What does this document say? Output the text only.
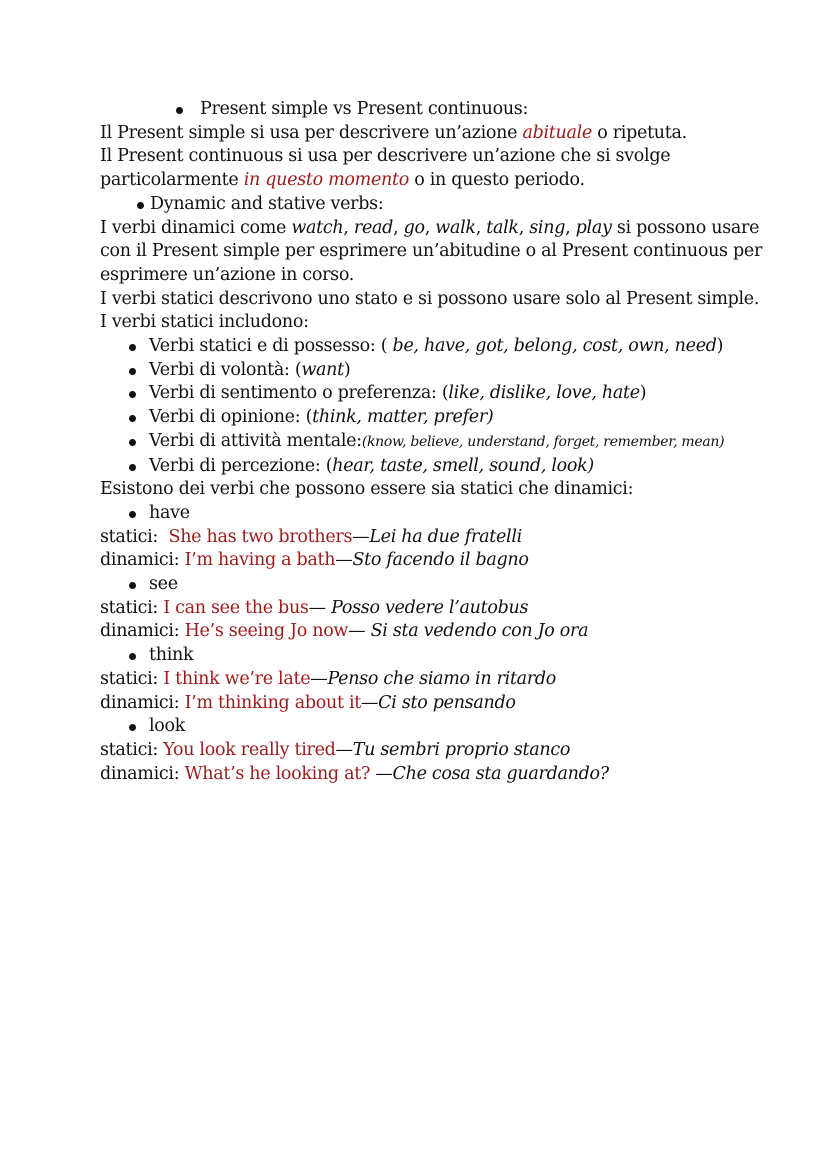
Present simple vs Present continuous:
Il Present simple si usa per descrivere un’azione abituale o ripetuta.
Il Present continuous si usa per descrivere un’azione che si svolge
particolarmente in questo momento o in questo periodo.
Dynamic and stative verbs:
I verbi dinamici come watch, read, go, walk, talk, sing, play si possono usare
con il Present simple per esprimere un’abitudine o al Present continuous per
esprimere un’azione in corso.
I verbi statici descrivono uno stato e si possono usare solo al Present simple.
I verbi statici includono:
Verbi statici e di possesso: ( be, have, got, belong, cost, own, need)
Verbi di volontà: (want)
Verbi di sentimento o preferenza: (like, dislike, love, hate)
Verbi di opinione: (think, matter, prefer)
Verbi di attività mentale:(know, believe, understand, forget, remember, mean)
Verbi di percezione: (hear, taste, smell, sound, look)
Esistono dei verbi che possono essere sia statici che dinamici:
have
statici:  She has two brothers—Lei ha due fratelli
dinamici: I’m having a bath—Sto facendo il bagno
see
statici: I can see the bus— Posso vedere l’autobus
dinamici: He’s seeing Jo now— Si sta vedendo con Jo ora
think
statici: I think we’re late—Penso che siamo in ritardo
dinamici: I’m thinking about it—Ci sto pensando
look
statici: You look really tired—Tu sembri proprio stanco
dinamici: What’s he looking at? —Che cosa sta guardando?
